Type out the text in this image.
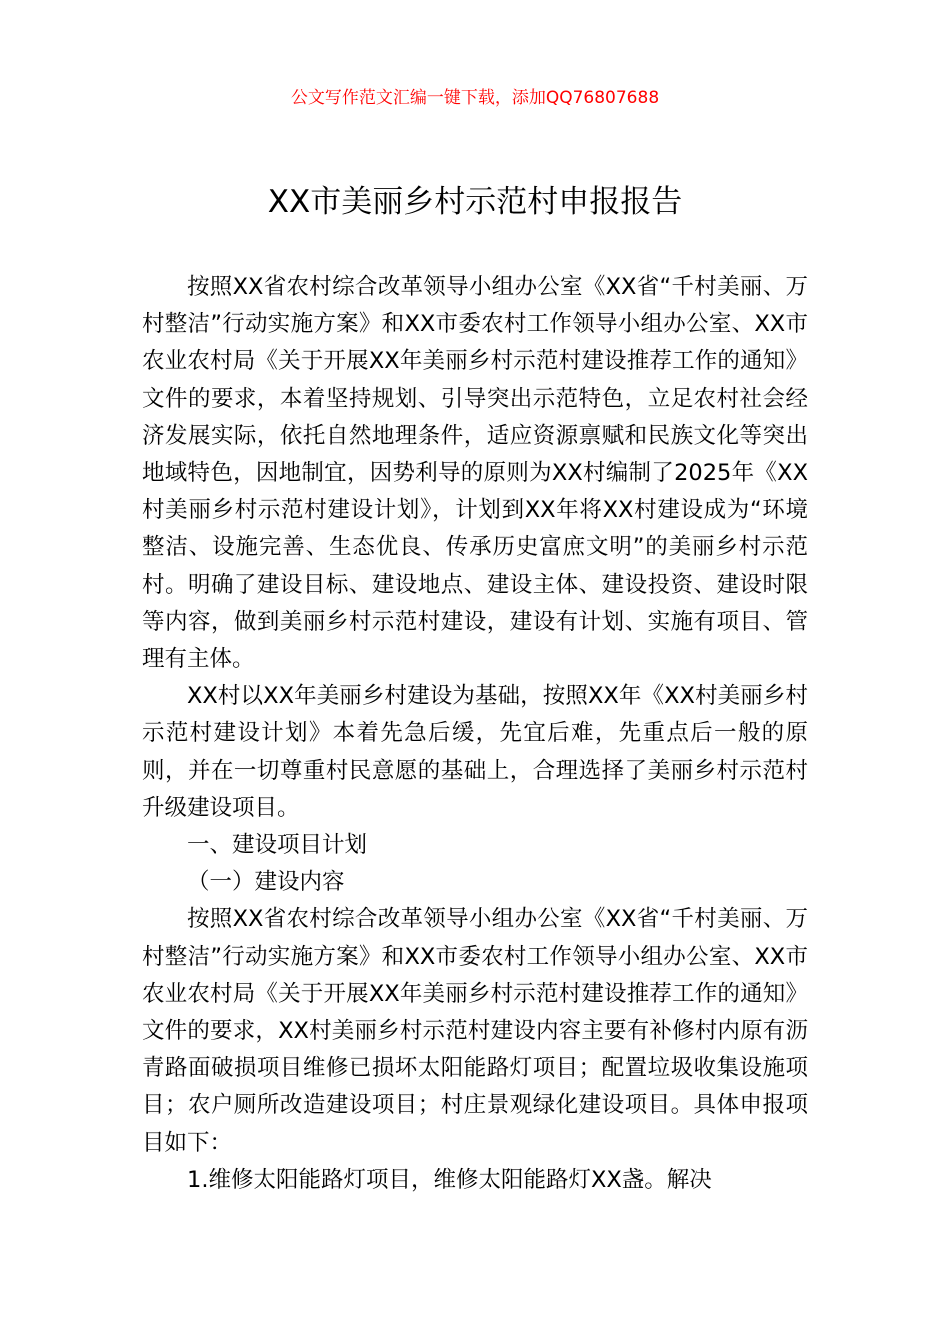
公文写作范文汇编一键下载，添加QQ76807688
XX市美丽乡村示范村申报报告

按照XX省农村综合改革领导小组办公室《XX省“千村美丽、万村整洁”行动实施方案》和XX市委农村工作领导小组办公室、XX市农业农村局《关于开展XX年美丽乡村示范村建设推荐工作的通知》文件的要求，本着坚持规划、引导突出示范特色，立足农村社会经济发展实际，依托自然地理条件，适应资源禀赋和民族文化等突出地域特色，因地制宜，因势利导的原则为XX村编制了2025年《XX村美丽乡村示范村建设计划》，计划到XX年将XX村建设成为“环境整洁、设施完善、生态优良、传承历史富庶文明”的美丽乡村示范村。明确了建设目标、建设地点、建设主体、建设投资、建设时限等内容，做到美丽乡村示范村建设，建设有计划、实施有项目、管理有主体。

XX村以XX年美丽乡村建设为基础，按照XX年《XX村美丽乡村示范村建设计划》本着先急后缓，先宜后难，先重点后一般的原则，并在一切尊重村民意愿的基础上，合理选择了美丽乡村示范村升级建设项目。

一、建设项目计划

（一）建设内容

按照XX省农村综合改革领导小组办公室《XX省“千村美丽、万村整洁”行动实施方案》和XX市委农村工作领导小组办公室、XX市农业农村局《关于开展XX年美丽乡村示范村建设推荐工作的通知》文件的要求，XX村美丽乡村示范村建设内容主要有补修村内原有沥青路面破损项目维修已损坏太阳能路灯项目；配置垃圾收集设施项目；农户厕所改造建设项目；村庄景观绿化建设项目。具体申报项目如下：

1.维修太阳能路灯项目，维修太阳能路灯XX盏。解决
